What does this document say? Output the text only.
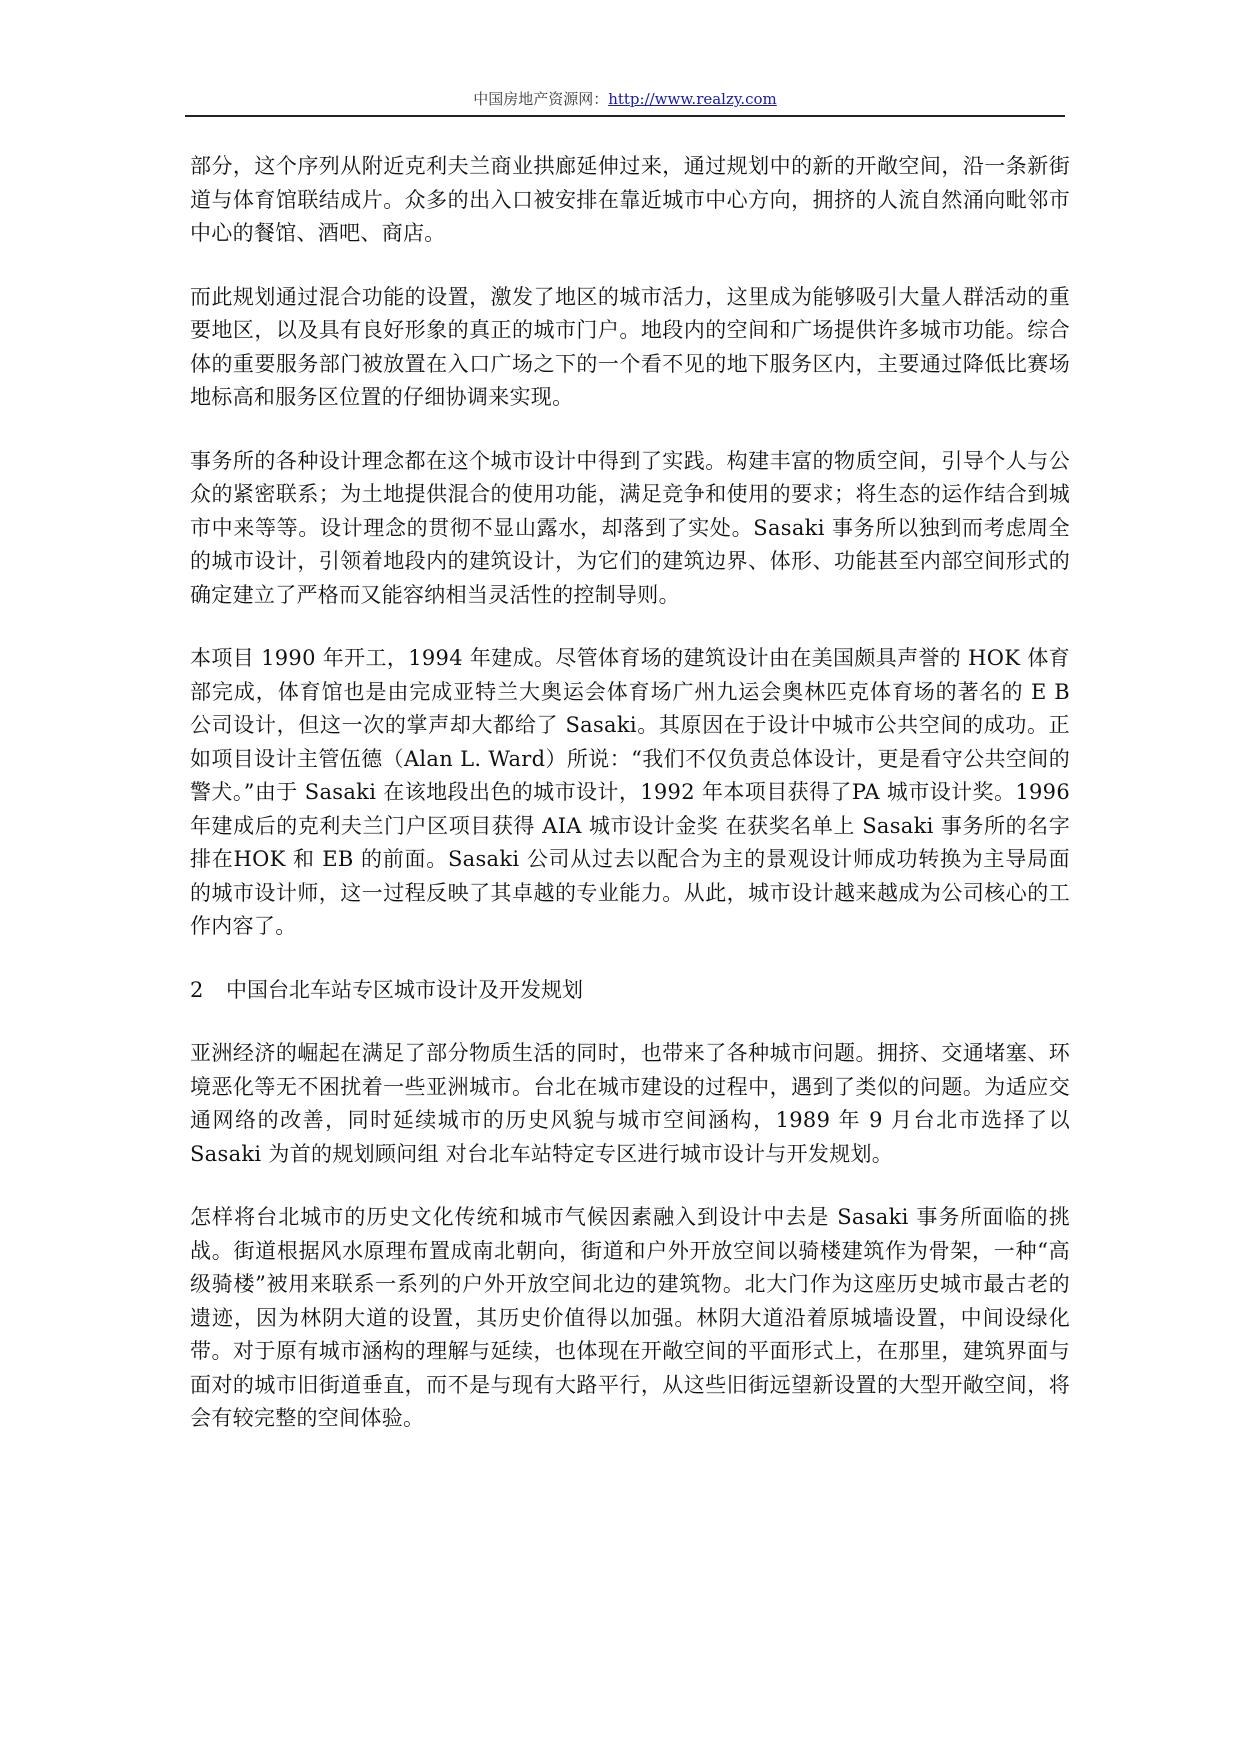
中国房地产资源网：http://www.realzy.com

部分，这个序列从附近克利夫兰商业拱廊延伸过来，通过规划中的新的开敞空间，沿一条新街道与体育馆联结成片。众多的出入口被安排在靠近城市中心方向，拥挤的人流自然涌向毗邻市中心的餐馆、酒吧、商店。

而此规划通过混合功能的设置，激发了地区的城市活力，这里成为能够吸引大量人群活动的重要地区，以及具有良好形象的真正的城市门户。地段内的空间和广场提供许多城市功能。综合体的重要服务部门被放置在入口广场之下的一个看不见的地下服务区内，主要通过降低比赛场地标高和服务区位置的仔细协调来实现。

事务所的各种设计理念都在这个城市设计中得到了实践。构建丰富的物质空间，引导个人与公众的紧密联系；为土地提供混合的使用功能，满足竞争和使用的要求；将生态的运作结合到城市中来等等。设计理念的贯彻不显山露水，却落到了实处。Sasaki 事务所以独到而考虑周全的城市设计，引领着地段内的建筑设计，为它们的建筑边界、体形、功能甚至内部空间形式的确定建立了严格而又能容纳相当灵活性的控制导则。

本项目 1990 年开工，1994 年建成。尽管体育场的建筑设计由在美国颇具声誉的 HOK 体育部完成，体育馆也是由完成亚特兰大奥运会体育场广州九运会奥林匹克体育场的著名的 E B 公司设计，但这一次的掌声却大都给了 Sasaki。其原因在于设计中城市公共空间的成功。正如项目设计主管伍德（Alan L. Ward）所说：“我们不仅负责总体设计，更是看守公共空间的警犬。”由于 Sasaki 在该地段出色的城市设计，1992 年本项目获得了PA 城市设计奖。1996 年建成后的克利夫兰门户区项目获得 AIA 城市设计金奖 在获奖名单上 Sasaki 事务所的名字排在HOK 和 EB 的前面。Sasaki 公司从过去以配合为主的景观设计师成功转换为主导局面的城市设计师，这一过程反映了其卓越的专业能力。从此，城市设计越来越成为公司核心的工作内容了。

2 中国台北车站专区城市设计及开发规划

亚洲经济的崛起在满足了部分物质生活的同时，也带来了各种城市问题。拥挤、交通堵塞、环境恶化等无不困扰着一些亚洲城市。台北在城市建设的过程中，遇到了类似的问题。为适应交通网络的改善，同时延续城市的历史风貌与城市空间涵构，1989 年 9 月台北市选择了以Sasaki 为首的规划顾问组 对台北车站特定专区进行城市设计与开发规划。

怎样将台北城市的历史文化传统和城市气候因素融入到设计中去是 Sasaki 事务所面临的挑战。街道根据风水原理布置成南北朝向，街道和户外开放空间以骑楼建筑作为骨架，一种“高级骑楼”被用来联系一系列的户外开放空间北边的建筑物。北大门作为这座历史城市最古老的遗迹，因为林阴大道的设置，其历史价值得以加强。林阴大道沿着原城墙设置，中间设绿化带。对于原有城市涵构的理解与延续，也体现在开敞空间的平面形式上，在那里，建筑界面与面对的城市旧街道垂直，而不是与现有大路平行，从这些旧街远望新设置的大型开敞空间，将会有较完整的空间体验。
